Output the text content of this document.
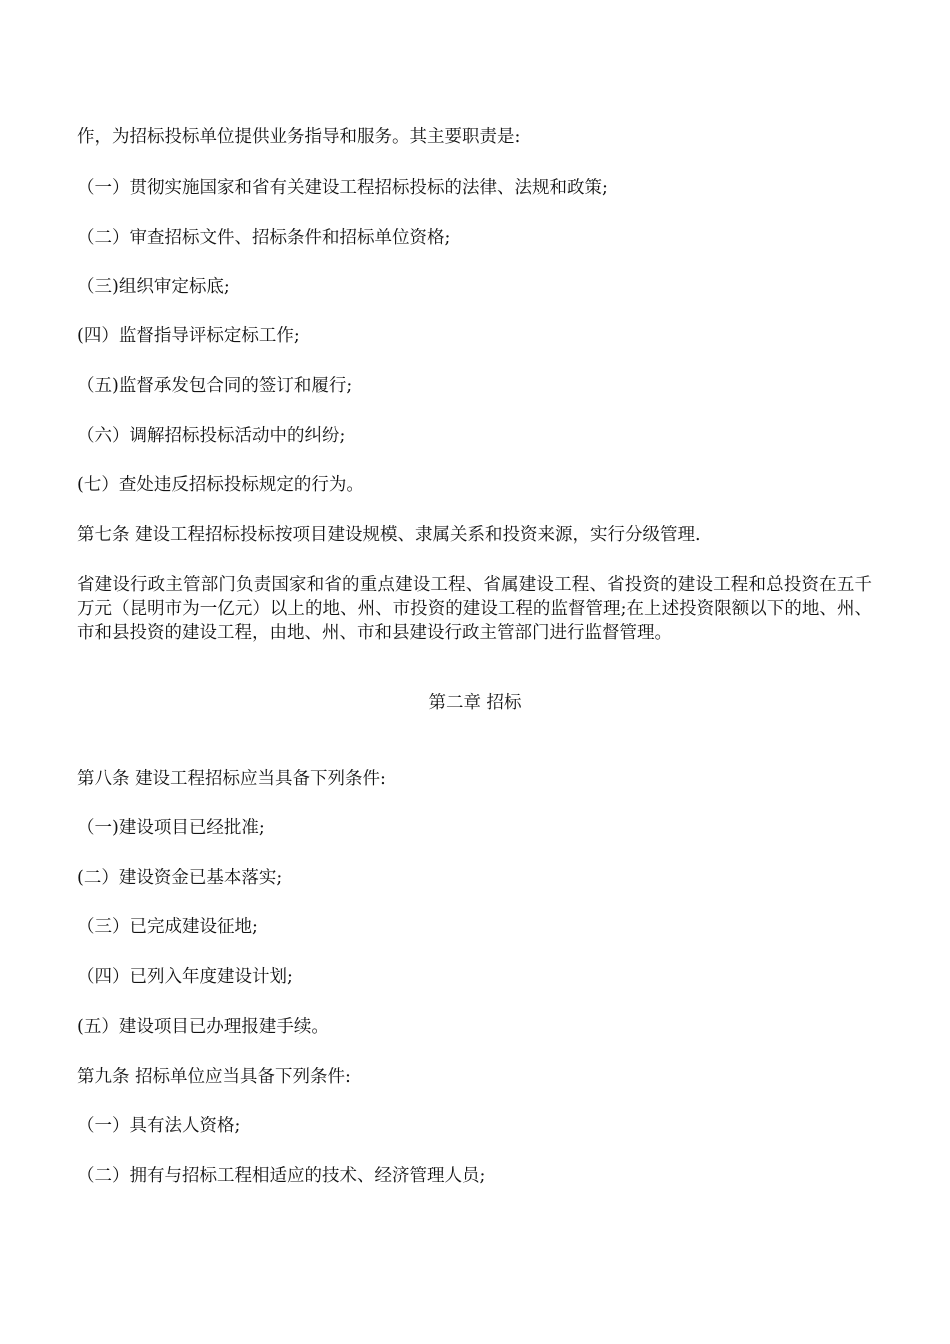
作，为招标投标单位提供业务指导和服务。其主要职责是:
（一）贯彻实施国家和省有关建设工程招标投标的法律、法规和政策;
（二）审查招标文件、招标条件和招标单位资格;
（三)组织审定标底;
(四）监督指导评标定标工作;
（五)监督承发包合同的签订和履行;
（六）调解招标投标活动中的纠纷;
(七）查处违反招标投标规定的行为。
第七条 建设工程招标投标按项目建设规模、隶属关系和投资来源，实行分级管理.
省建设行政主管部门负责国家和省的重点建设工程、省属建设工程、省投资的建设工程和总投资在五千万元（昆明市为一亿元）以上的地、州、市投资的建设工程的监督管理;在上述投资限额以下的地、州、市和县投资的建设工程，由地、州、市和县建设行政主管部门进行监督管理。
第二章 招标
第八条 建设工程招标应当具备下列条件:
（一)建设项目已经批准;
(二）建设资金已基本落实;
（三）已完成建设征地;
（四）已列入年度建设计划;
(五）建设项目已办理报建手续。
第九条 招标单位应当具备下列条件:
（一）具有法人资格;
（二）拥有与招标工程相适应的技术、经济管理人员;
